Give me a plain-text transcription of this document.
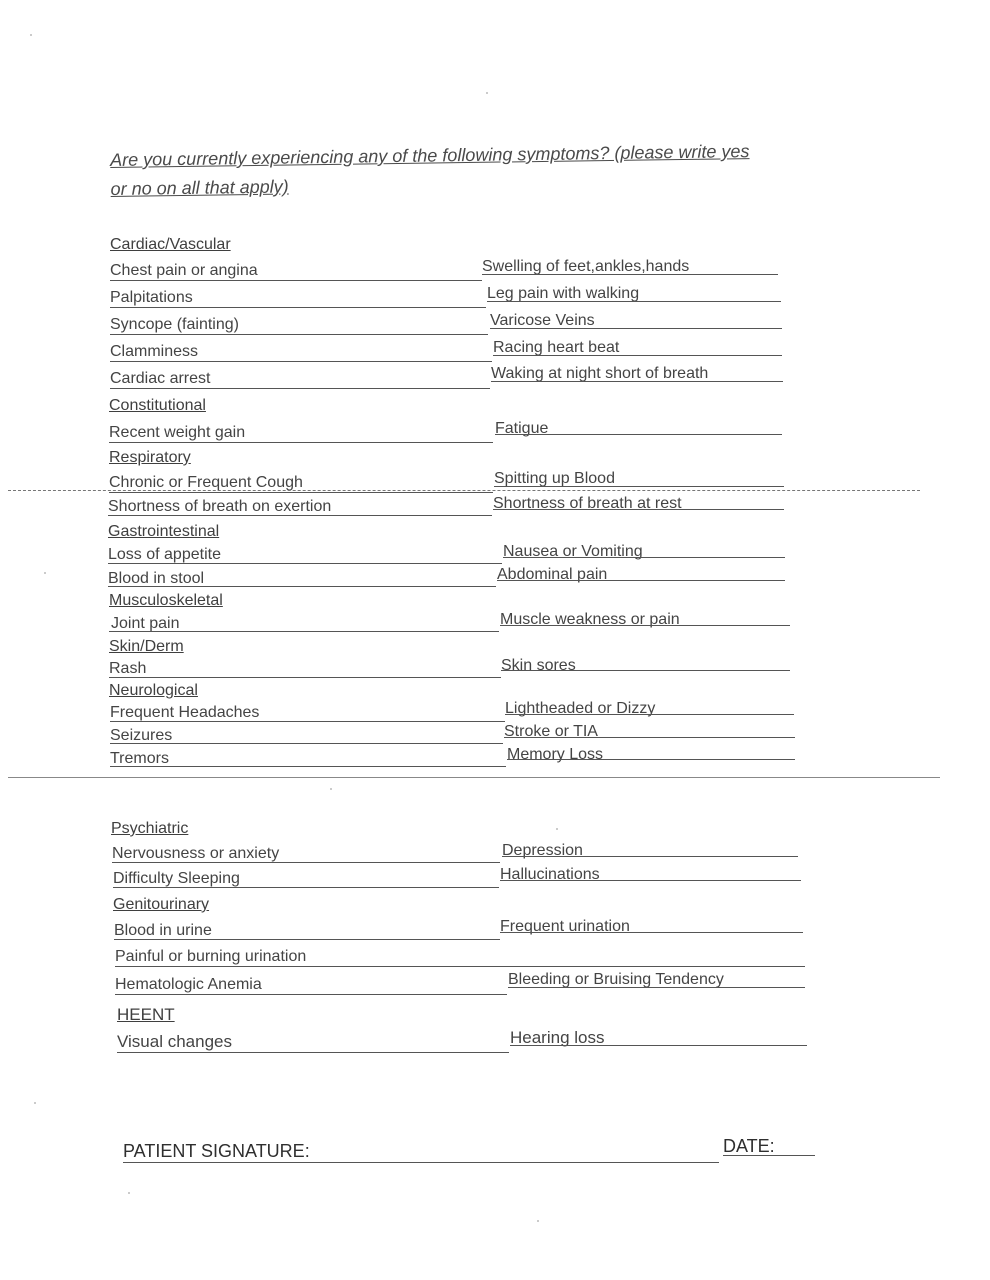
Are you currently experiencing any of the following symptoms? (please write yes or no on all that apply)
Cardiac/Vascular
Chest pain or angina	Swelling of feet,ankles,hands
Palpitations	Leg pain with walking
Syncope (fainting)	Varicose Veins
Clamminess	Racing heart beat
Cardiac arrest	Waking at night short of breath
Constitutional
Recent weight gain	Fatigue
Respiratory
Chronic or Frequent Cough	Spitting up Blood
Shortness of breath on exertion	Shortness of breath at rest
Gastrointestinal
Loss of appetite	Nausea or Vomiting
Blood in stool	Abdominal pain
Musculoskeletal
Joint pain	Muscle weakness or pain
Skin/Derm
Rash	Skin sores
Neurological
Frequent Headaches	Lightheaded or Dizzy
Seizures	Stroke or TIA
Tremors	Memory Loss
Psychiatric
Nervousness or anxiety	Depression
Difficulty Sleeping	Hallucinations
Genitourinary
Blood in urine	Frequent urination
Painful or burning urination
Hematologic Anemia	Bleeding or Bruising Tendency
HEENT
Visual changes	Hearing loss
PATIENT SIGNATURE:	DATE:
